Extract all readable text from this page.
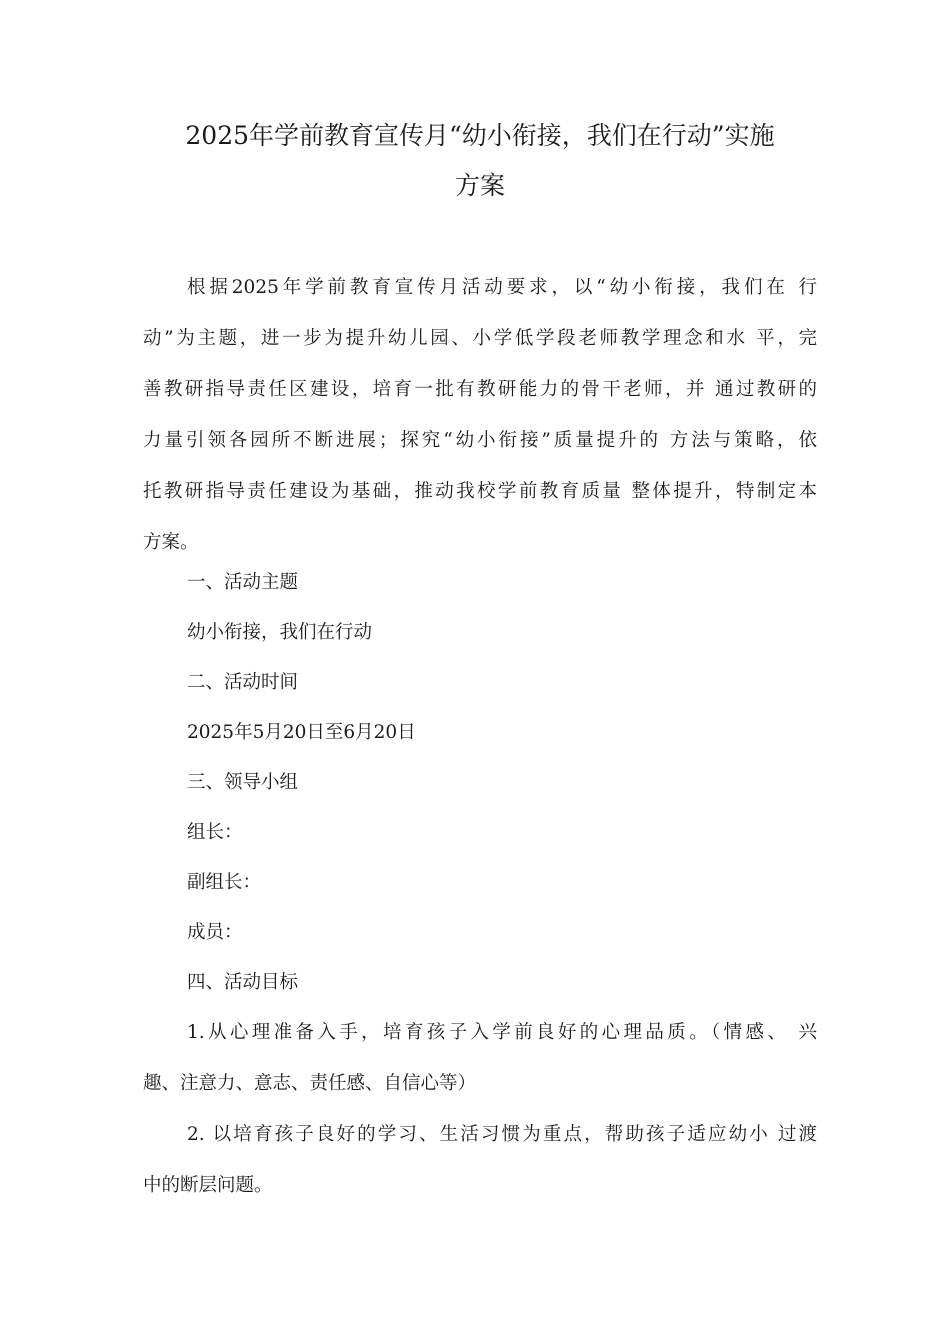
2025年学前教育宣传月“幼小衔接，我们在行动”实施
方案

根据2025年学前教育宣传月活动要求，以“幼小衔接，我们在 行
动”为主题，进一步为提升幼儿园、小学低学段老师教学理念和水 平，完
善教研指导责任区建设，培育一批有教研能力的骨干老师，并 通过教研的
力量引领各园所不断进展；探究“幼小衔接”质量提升的 方法与策略，依
托教研指导责任建设为基础，推动我校学前教育质量 整体提升，特制定本
方案。

一、活动主题

幼小衔接，我们在行动

二、活动时间

2025年5月20日至6月20日

三、领导小组

组长：

副组长：

成员：

四、活动目标

1.从心理准备入手，培育孩子入学前良好的心理品质。（情感、 兴
趣、注意力、意志、责任感、自信心等）

2. 以培育孩子良好的学习、生活习惯为重点，帮助孩子适应幼小 过渡
中的断层问题。
